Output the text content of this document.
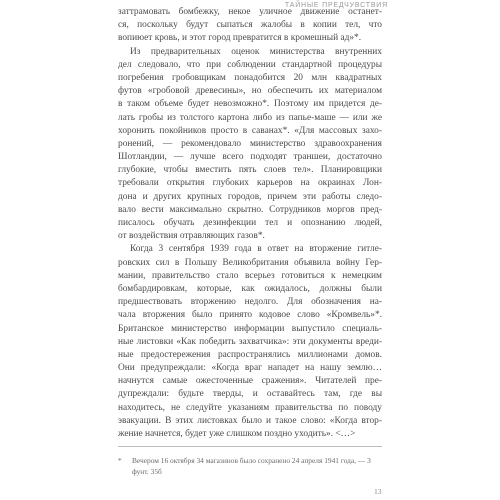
ТАЙНЫЕ ПРЕДЧУВСТВИЯ
заттрамовать бомбежку, некое уличное движение останет-
ся, поскольку будут сыпаться жалобы в копии тел, что
вопиюет кровь, и этот город превратится в кромешный ад»*.
Из предварительных оценок министерства внутренних
дел следовало, что при соблюдении стандартной процедуры
погребения гробовщикам понадобится 20 млн квадратных
футов «гробовой древесины», но обеспечить их материалом
в таком объеме будет невозможно*. Поэтому им придется де-
лать гробы из толстого картона либо из папье-маше — или же
хоронить покойников просто в саванах*. «Для массовых захо-
ронений, — рекомендовало министерство здравоохранения
Шотландии, — лучше всего подходят траншеи, достаточно
глубокие, чтобы вместить пять слоев тел». Планировщики
требовали открытия глубоких карьеров на окраинах Лон-
дона и других крупных городов, причем эти работы следо-
вало вести максимально скрытно. Сотрудников моргов пред-
писалось обучать дезинфекции тел и опознанию людей,
от воздействия отравляющих газов*.
Когда 3 сентября 1939 года в ответ на вторжение гитле-
ровских сил в Польшу Великобритания объявила войну Гер-
мании, правительство стало всерьез готовиться к немецким
бомбардировкам, которые, как ожидалось, должны были
предшествовать вторжению недолго. Для обозначения на-
чала вторжения было принято кодовое слово «Кромвель»*.
Британское министерство информации выпустило специаль-
ные листовки «Как победить захватчика»: эти документы вреди-
ные предостережения распространялись миллионами домов.
Они предупреждали: «Когда враг нападет на нашу землю…
начнутся самые ожесточенные сражения». Читателей пре-
дупреждали: будьте тверды, и оставайтесь там, где вы
находитесь, не следуйте указаниям правительства по поводу
эвакуации. В этих листовках было и такое слово: «Когда втор-
жение начнется, будет уже слишком поздно уходить». <…>
* Вечером 16 октября 34 магазинов было сохранено 24 апреля 1941 года, — 3 фунт. 35б
13
